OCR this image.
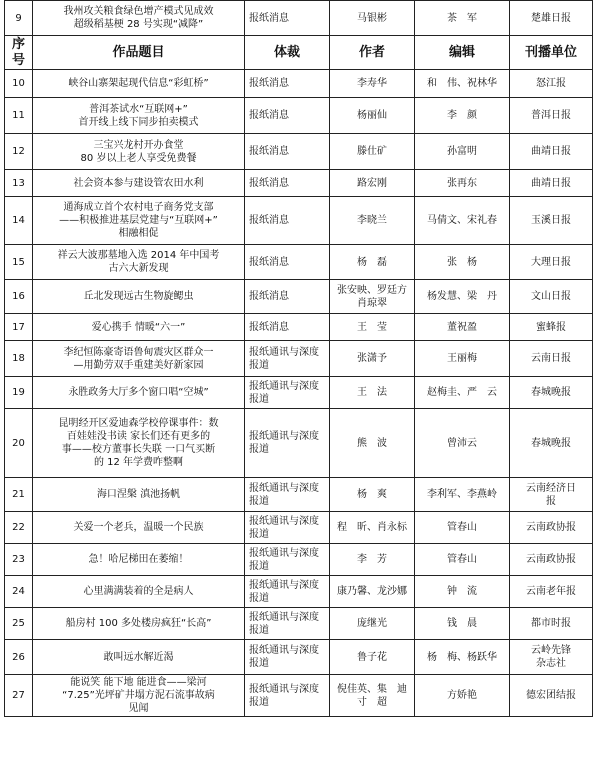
9	我州攻关粮食绿色增产模式见成效
超级稻基梗 28 号实现“减降”	报纸消息	马银彬	茶　军	楚雄日报
序号	作品题目	体裁	作者	编辑	刊播单位
10	峡谷山寨架起现代信息“彩虹桥”	报纸消息	李寿华	和　伟、祝林华	怒江报
11	普洱茶试水“互联网+”
首开线上线下同步拍卖模式	报纸消息	杨丽仙	李　颜	普洱日报
12	三宝兴龙村开办食堂
80 岁以上老人享受免费餐	报纸消息	滕仕矿	孙富明	曲靖日报
13	社会资本参与建设管农田水利	报纸消息	路宏刚	张再东	曲靖日报
14	通海成立首个农村电子商务党支部
——积极推进基层党建与“互联网+”
相融相促	报纸消息	李晓兰	马倩文、宋礼春	玉溪日报
15	祥云大波那墓地入选 2014 年中国考
古六大新发现	报纸消息	杨　磊	张　杨	大理日报
16	丘北发现远古生物旋鳃虫	报纸消息	张安映、罗廷方
肖琼翠	杨发慧、梁　丹	文山日报
17	爱心携手 情暖“六一”	报纸消息	王　莹	董祝盈	蜜蜂报
18	李纪恒陈豪寄语鲁甸震灾区群众一
—用勤劳双手重建美好新家园	报纸通讯与深度
报道	张潇予	王丽梅	云南日报
19	永胜政务大厅多个窗口唱“空城”	报纸通讯与深度
报道	王　法	赵梅圭、严　云	春城晚报
20	昆明经开区爱迪森学校停课事件：数
百娃娃没书读 家长们还有更多的
事——校方董事长失联 一口气买断
的 12 年学费咋整啊	报纸通讯与深度
报道	熊　波	曾沛云	春城晚报
21	海口涅槃 滇池扬帆	报纸通讯与深度
报道	杨　爽	李利军、李燕岭	云南经济日
报
22	关爱一个老兵，温暖一个民族	报纸通讯与深度
报道	程　昕、肖永标	管春山	云南政协报
23	急！哈尼梯田在萎缩！	报纸通讯与深度
报道	李　芳	管春山	云南政协报
24	心里满满装着的全是病人	报纸通讯与深度
报道	康乃馨、龙沙娜	钟　流	云南老年报
25	船房村 100 多处楼房疯狂“长高”	报纸通讯与深度
报道	庞继光	钱　晨	都市时报
26	敢叫远水解近渴	报纸通讯与深度
报道	鲁子花	杨　梅、杨跃华	云岭先锋
杂志社
27	能说笑 能下地 能进食——梁河
“7.25”光坪矿井塌方泥石流事故病
见闻	报纸通讯与深度
报道	倪佳英、集　迪
寸　超	方娇艳	德宏团结报
